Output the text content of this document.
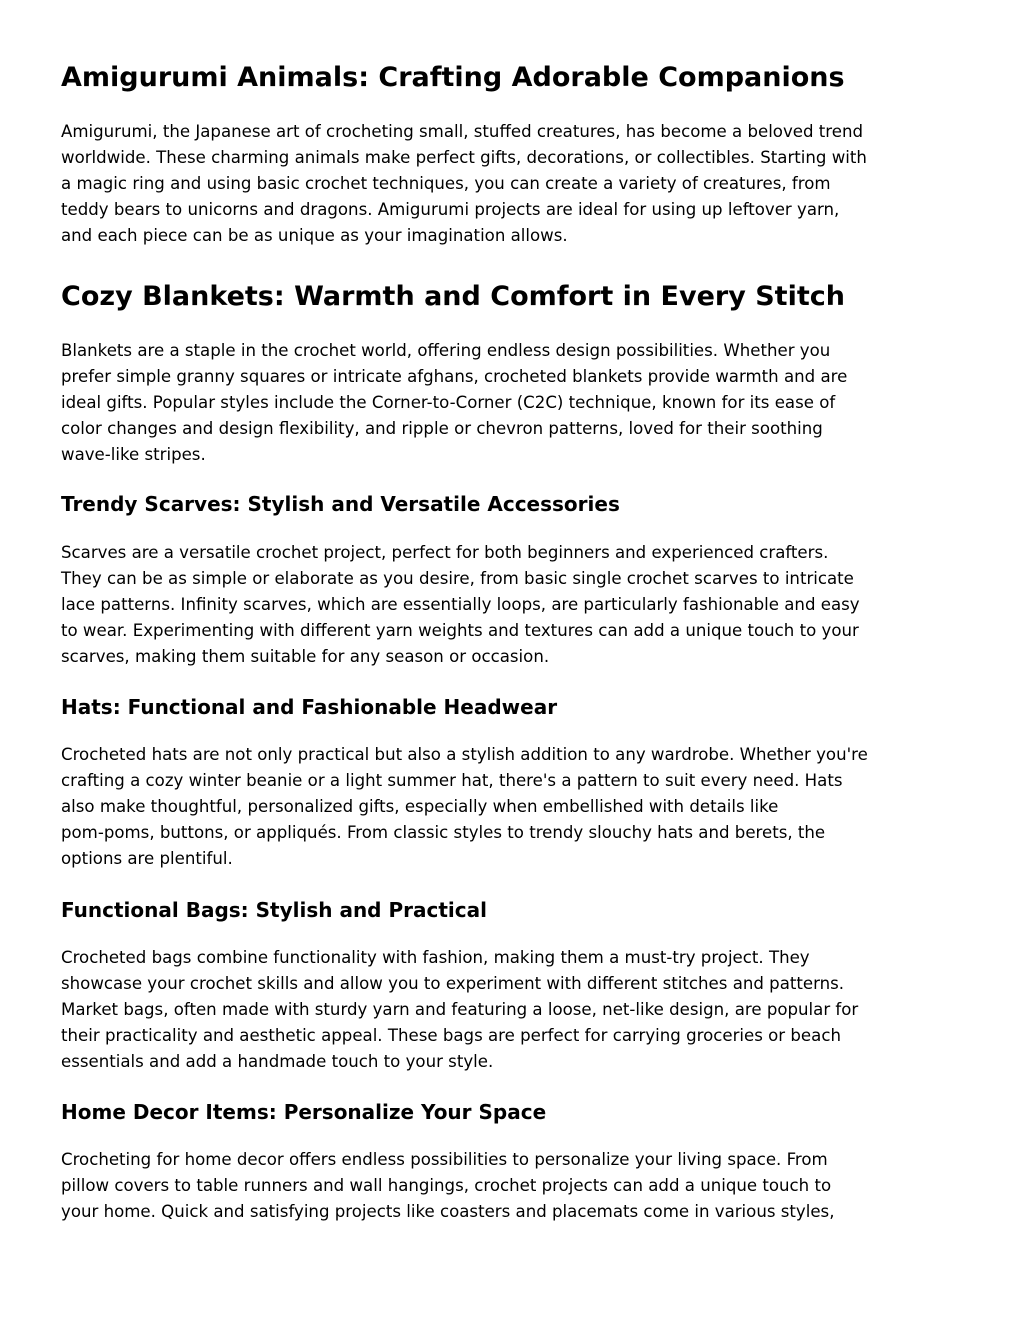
Amigurumi Animals: Crafting Adorable Companions
Amigurumi, the Japanese art of crocheting small, stuffed creatures, has become a beloved trend
worldwide. These charming animals make perfect gifts, decorations, or collectibles. Starting with
a magic ring and using basic crochet techniques, you can create a variety of creatures, from
teddy bears to unicorns and dragons. Amigurumi projects are ideal for using up leftover yarn,
and each piece can be as unique as your imagination allows.
Cozy Blankets: Warmth and Comfort in Every Stitch
Blankets are a staple in the crochet world, offering endless design possibilities. Whether you
prefer simple granny squares or intricate afghans, crocheted blankets provide warmth and are
ideal gifts. Popular styles include the Corner-to-Corner (C2C) technique, known for its ease of
color changes and design flexibility, and ripple or chevron patterns, loved for their soothing
wave-like stripes.
Trendy Scarves: Stylish and Versatile Accessories
Scarves are a versatile crochet project, perfect for both beginners and experienced crafters.
They can be as simple or elaborate as you desire, from basic single crochet scarves to intricate
lace patterns. Infinity scarves, which are essentially loops, are particularly fashionable and easy
to wear. Experimenting with different yarn weights and textures can add a unique touch to your
scarves, making them suitable for any season or occasion.
Hats: Functional and Fashionable Headwear
Crocheted hats are not only practical but also a stylish addition to any wardrobe. Whether you're
crafting a cozy winter beanie or a light summer hat, there's a pattern to suit every need. Hats
also make thoughtful, personalized gifts, especially when embellished with details like
pom-poms, buttons, or appliqués. From classic styles to trendy slouchy hats and berets, the
options are plentiful.
Functional Bags: Stylish and Practical
Crocheted bags combine functionality with fashion, making them a must-try project. They
showcase your crochet skills and allow you to experiment with different stitches and patterns.
Market bags, often made with sturdy yarn and featuring a loose, net-like design, are popular for
their practicality and aesthetic appeal. These bags are perfect for carrying groceries or beach
essentials and add a handmade touch to your style.
Home Decor Items: Personalize Your Space
Crocheting for home decor offers endless possibilities to personalize your living space. From
pillow covers to table runners and wall hangings, crochet projects can add a unique touch to
your home. Quick and satisfying projects like coasters and placemats come in various styles,
